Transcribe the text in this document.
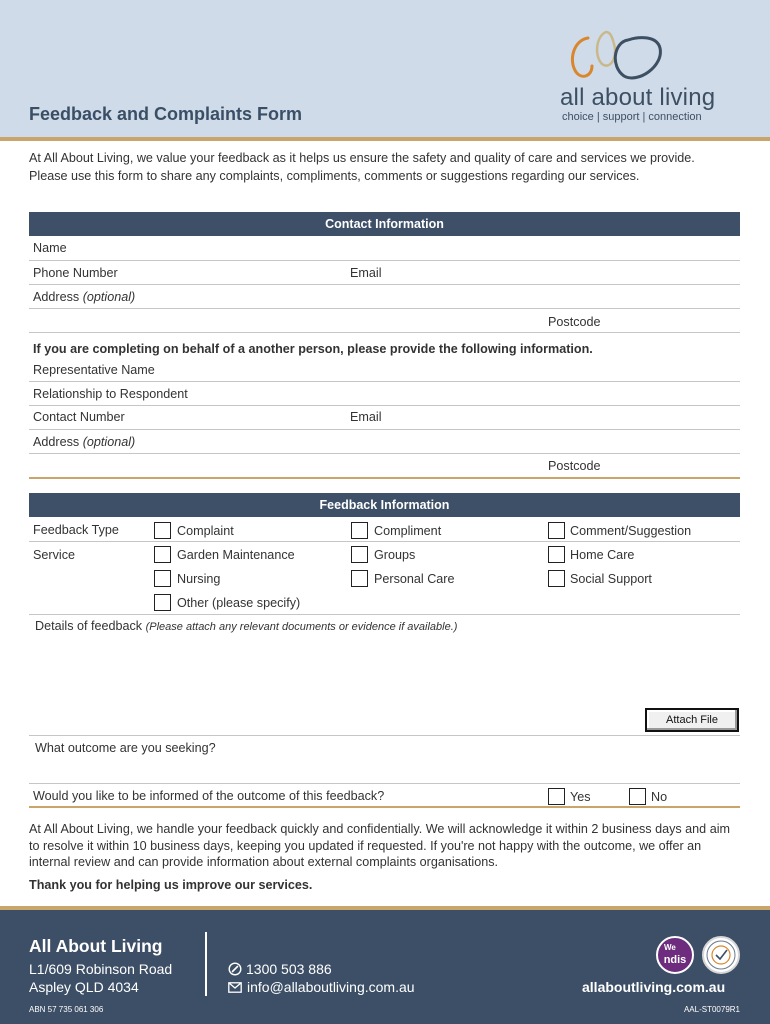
Feedback and Complaints Form
all about living
choice | support | connection
At All About Living, we value your feedback as it helps us ensure the safety and quality of care and services we provide. Please use this form to share any complaints, compliments, comments or suggestions regarding our services.
Contact Information
Name
Phone Number	Email
Address (optional)
Postcode
If you are completing on behalf of a another person, please provide the following information.
Representative Name
Relationship to Respondent
Contact Number	Email
Address (optional)
Postcode
Feedback Information
Feedback Type	Complaint	Compliment	Comment/Suggestion
Service	Garden Maintenance	Groups	Home Care
Nursing	Personal Care	Social Support
Other (please specify)
Details of feedback (Please attach any relevant documents or evidence if available.)
Attach File
What outcome are you seeking?
Would you like to be informed of the outcome of this feedback?	Yes	No
At All About Living, we handle your feedback quickly and confidentially. We will acknowledge it within 2 business days and aim to resolve it within 10 business days, keeping you updated if requested. If you're not happy with the outcome, we offer an internal review and can provide information about external complaints organisations.
Thank you for helping us improve our services.
All About Living
L1/609 Robinson Road
Aspley QLD 4034
1300 503 886
info@allaboutliving.com.au
We
ndis
allaboutliving.com.au
ABN 57 735 061 306	AAL-ST0079R1
